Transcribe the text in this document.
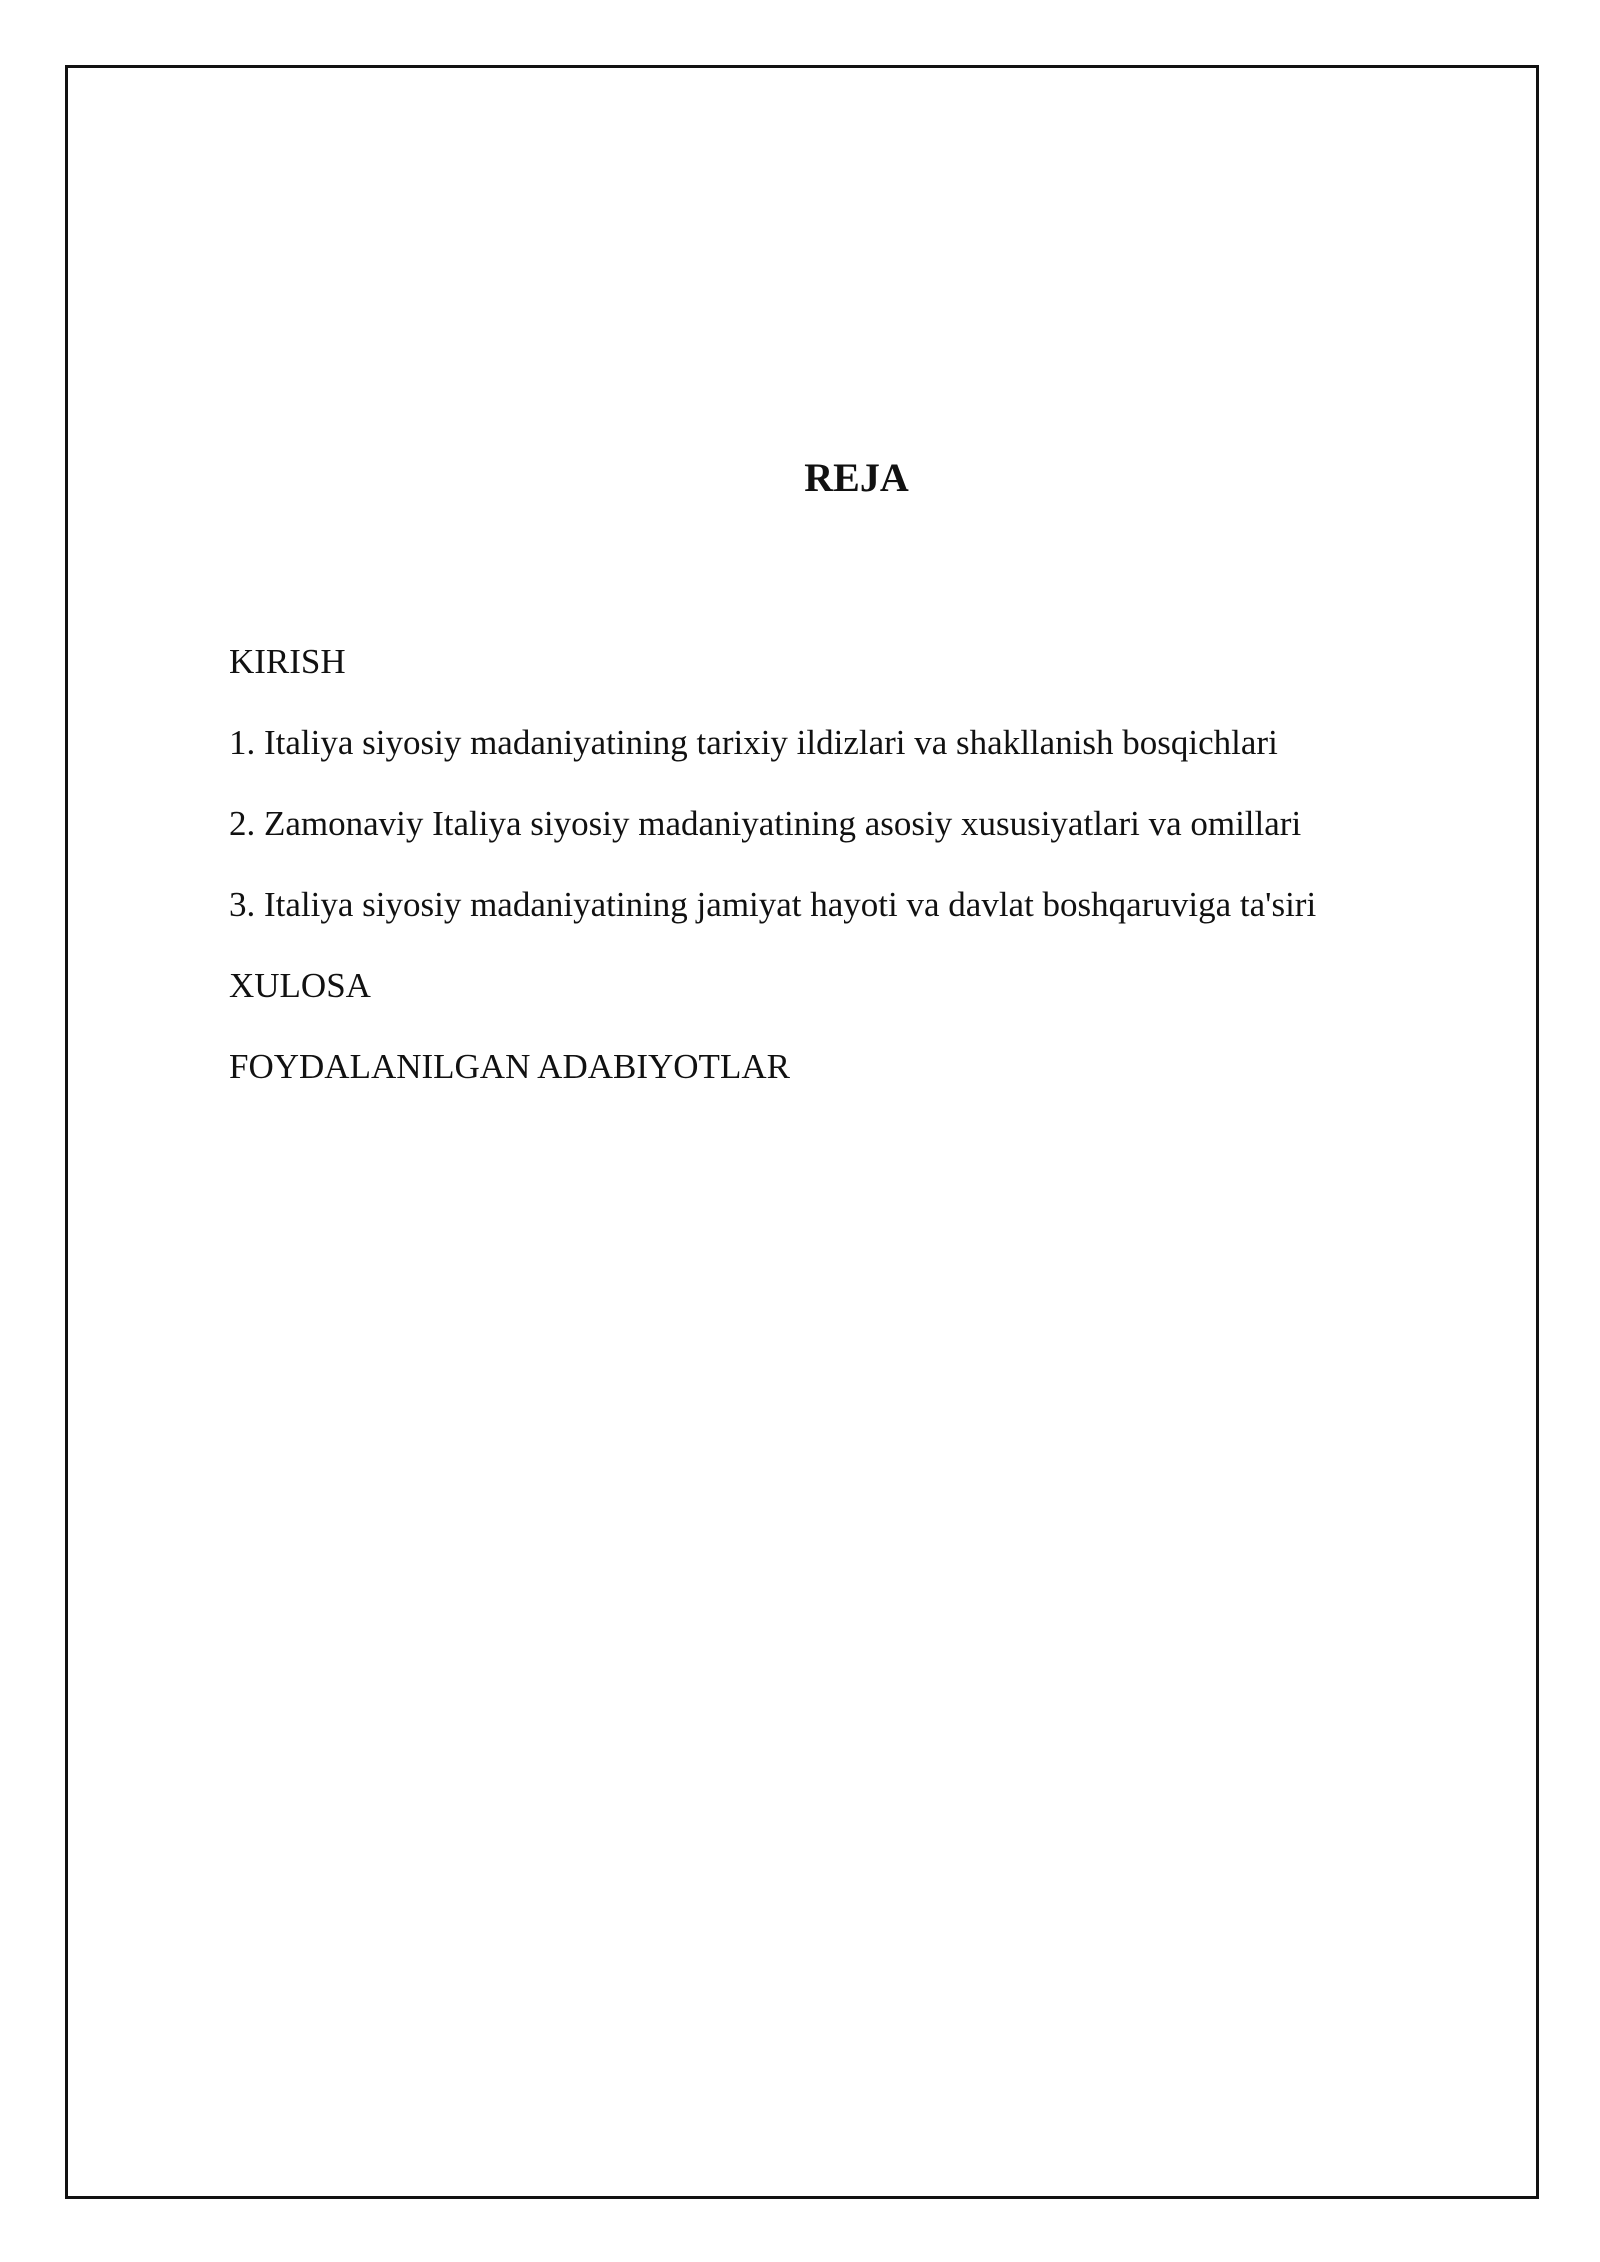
REJA
KIRISH
1. Italiya siyosiy madaniyatining tarixiy ildizlari va shakllanish bosqichlari
2. Zamonaviy Italiya siyosiy madaniyatining asosiy xususiyatlari va omillari
3. Italiya siyosiy madaniyatining jamiyat hayoti va davlat boshqaruviga ta'siri
XULOSA
FOYDALANILGAN ADABIYOTLAR
